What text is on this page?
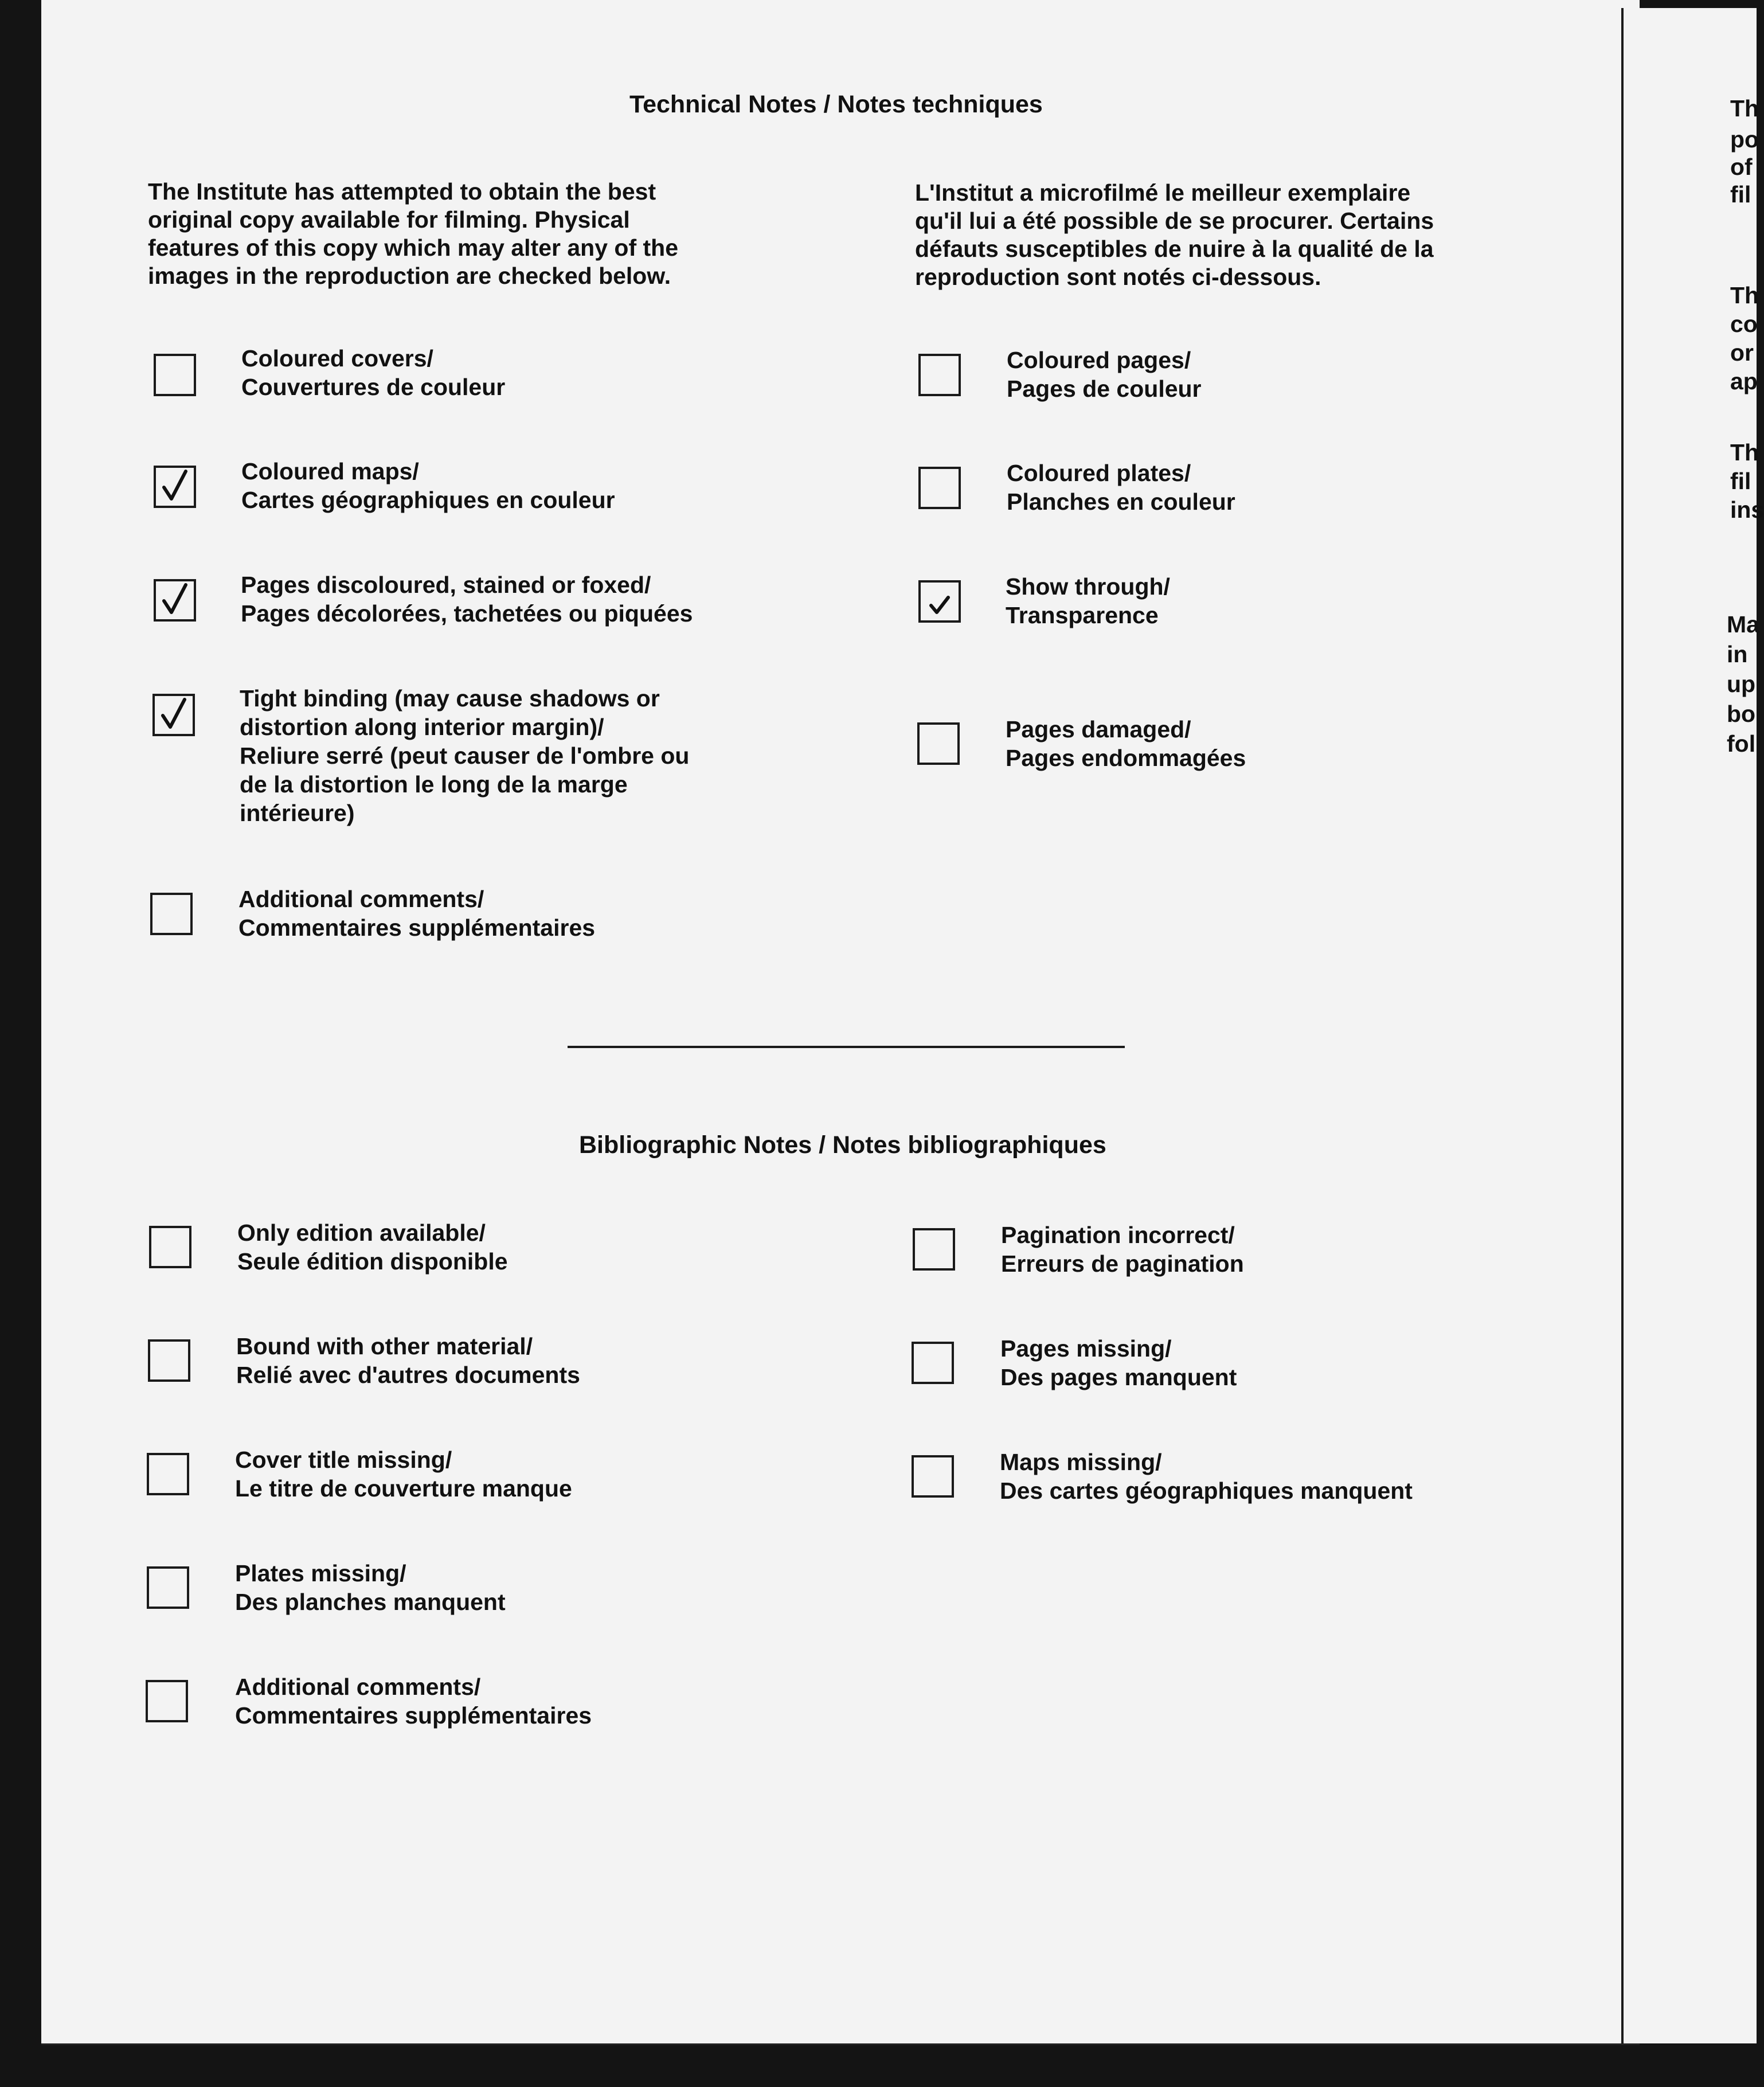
Technical Notes / Notes techniques
The Institute has attempted to obtain the best
original copy available for filming. Physical
features of this copy which may alter any of the
images in the reproduction are checked below.
L'Institut a microfilmé le meilleur exemplaire
qu'il lui a été possible de se procurer. Certains
défauts susceptibles de nuire à la qualité de la
reproduction sont notés ci-dessous.
Coloured covers/
Couvertures de couleur
Coloured maps/
Cartes géographiques en couleur
Pages discoloured, stained or foxed/
Pages décolorées, tachetées ou piquées
Tight binding (may cause shadows or
distortion along interior margin)/
Reliure serré (peut causer de l'ombre ou
de la distortion le long de la marge
intérieure)
Additional comments/
Commentaires supplémentaires
Coloured pages/
Pages de couleur
Coloured plates/
Planches en couleur
Show through/
Transparence
Pages damaged/
Pages endommagées
Bibliographic Notes / Notes bibliographiques
Only edition available/
Seule édition disponible
Bound with other material/
Relié avec d'autres documents
Cover title missing/
Le titre de couverture manque
Plates missing/
Des planches manquent
Additional comments/
Commentaires supplémentaires
Pagination incorrect/
Erreurs de pagination
Pages missing/
Des pages manquent
Maps missing/
Des cartes géographiques manquent
Th
po
of
fil
Th
co
or
ap
Th
fil
ins
Ma
in
up
bo
fol
